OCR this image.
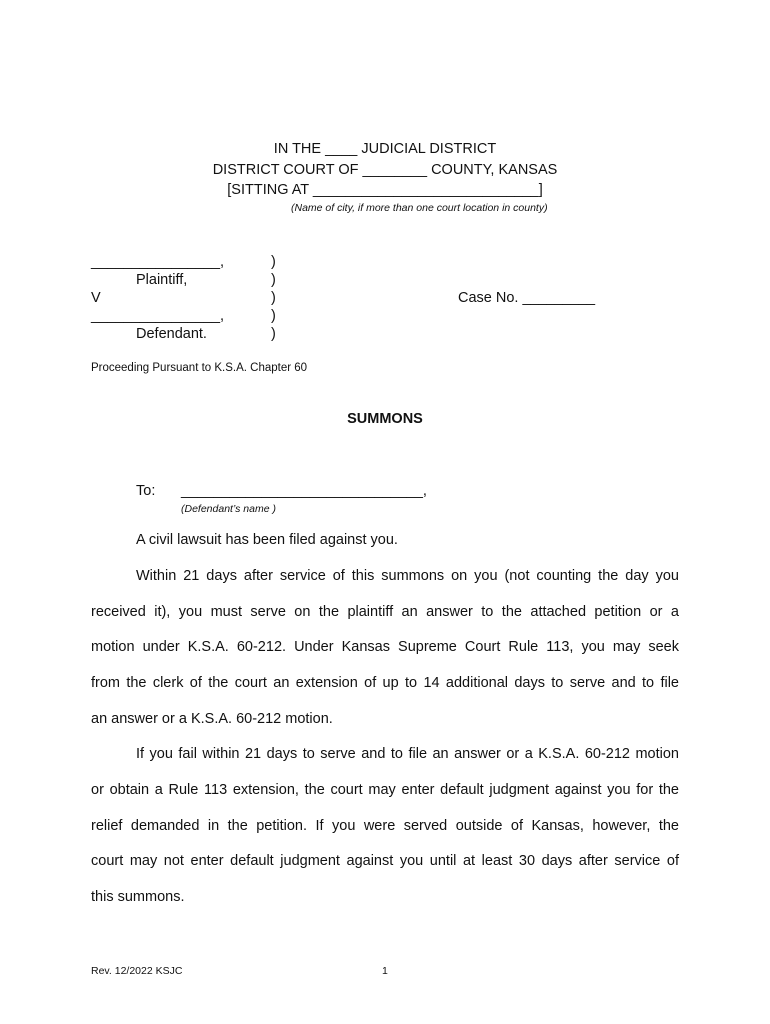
IN THE ____ JUDICIAL DISTRICT
DISTRICT COURT OF ________ COUNTY, KANSAS
[SITTING AT ____________________________]
(Name of city, if more than one court location in county)
________________,
Plaintiff,
V
________________,
Defendant.
)
)
)
)
)
Case No. _________
Proceeding Pursuant to K.S.A. Chapter 60
SUMMONS
To: ______________________________,
(Defendant’s name )
A civil lawsuit has been filed against you.
Within 21 days after service of this summons on you (not counting the day you
received it), you must serve on the plaintiff an answer to the attached petition or a
motion under K.S.A. 60-212. Under Kansas Supreme Court Rule 113, you may seek
from the clerk of the court an extension of up to 14 additional days to serve and to file
an answer or a K.S.A. 60-212 motion.
If you fail within 21 days to serve and to file an answer or a K.S.A. 60-212 motion
or obtain a Rule 113 extension, the court may enter default judgment against you for the
relief demanded in the petition. If you were served outside of Kansas, however, the
court may not enter default judgment against you until at least 30 days after service of
this summons.
Rev. 12/2022 KSJC	1
